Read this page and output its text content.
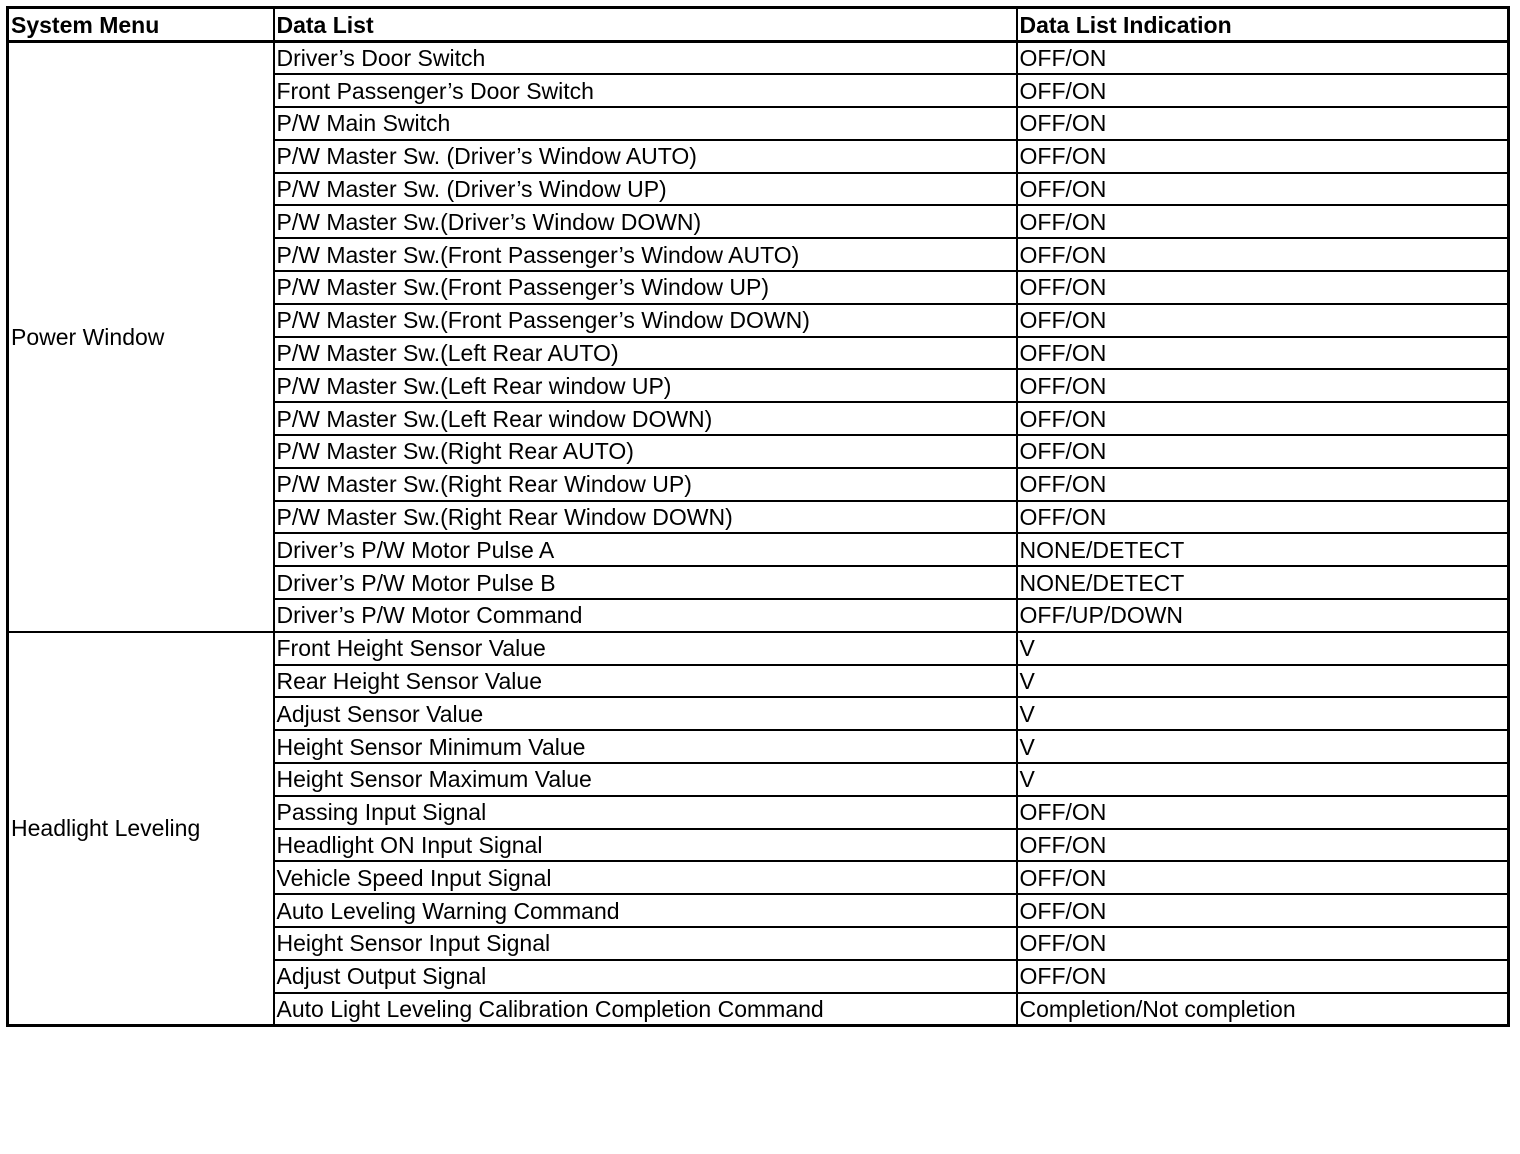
System Menu	Data List	Data List Indication
Power Window	Driver’s Door Switch	OFF/ON
	Front Passenger’s Door Switch	OFF/ON
	P/W Main Switch	OFF/ON
	P/W Master Sw. (Driver’s Window AUTO)	OFF/ON
	P/W Master Sw. (Driver’s Window UP)	OFF/ON
	P/W Master Sw.(Driver’s Window DOWN)	OFF/ON
	P/W Master Sw.(Front Passenger’s Window AUTO)	OFF/ON
	P/W Master Sw.(Front Passenger’s Window UP)	OFF/ON
	P/W Master Sw.(Front Passenger’s Window DOWN)	OFF/ON
	P/W Master Sw.(Left Rear AUTO)	OFF/ON
	P/W Master Sw.(Left Rear window UP)	OFF/ON
	P/W Master Sw.(Left Rear window DOWN)	OFF/ON
	P/W Master Sw.(Right Rear AUTO)	OFF/ON
	P/W Master Sw.(Right Rear Window UP)	OFF/ON
	P/W Master Sw.(Right Rear Window DOWN)	OFF/ON
	Driver’s P/W Motor Pulse A	NONE/DETECT
	Driver’s P/W Motor Pulse B	NONE/DETECT
	Driver’s P/W Motor Command	OFF/UP/DOWN
Headlight Leveling	Front Height Sensor Value	V
	Rear Height Sensor Value	V
	Adjust Sensor Value	V
	Height Sensor Minimum Value	V
	Height Sensor Maximum Value	V
	Passing Input Signal	OFF/ON
	Headlight ON Input Signal	OFF/ON
	Vehicle Speed Input Signal	OFF/ON
	Auto Leveling Warning Command	OFF/ON
	Height Sensor Input Signal	OFF/ON
	Adjust Output Signal	OFF/ON
	Auto Light Leveling Calibration Completion Command	Completion/Not completion
